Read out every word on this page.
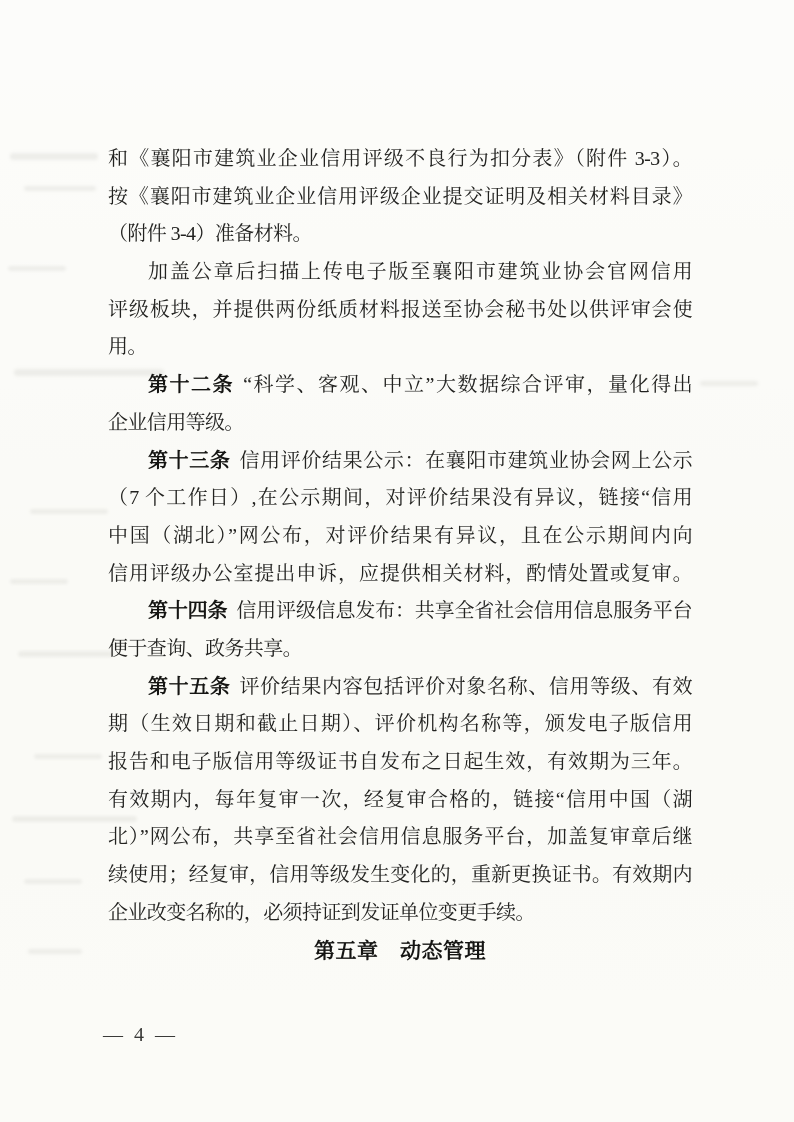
和《襄阳市建筑业企业信用评级不良行为扣分表》（附件 3-3）。
按《襄阳市建筑业企业信用评级企业提交证明及相关材料目录》
（附件 3-4）准备材料。
加盖公章后扫描上传电子版至襄阳市建筑业协会官网信用
评级板块，并提供两份纸质材料报送至协会秘书处以供评审会使
用。
第十二条 “科学、客观、中立”大数据综合评审，量化得出
企业信用等级。
第十三条 信用评价结果公示：在襄阳市建筑业协会网上公示
（7 个工作日）,在公示期间，对评价结果没有异议，链接“信用
中国（湖北）”网公布，对评价结果有异议，且在公示期间内向
信用评级办公室提出申诉，应提供相关材料，酌情处置或复审。
第十四条 信用评级信息发布：共享全省社会信用信息服务平台
便于查询、政务共享。
第十五条 评价结果内容包括评价对象名称、信用等级、有效
期（生效日期和截止日期）、评价机构名称等，颁发电子版信用
报告和电子版信用等级证书自发布之日起生效，有效期为三年。
有效期内，每年复审一次，经复审合格的，链接“信用中国（湖
北）”网公布，共享至省社会信用信息服务平台，加盖复审章后继
续使用；经复审，信用等级发生变化的，重新更换证书。有效期内
企业改变名称的，必须持证到发证单位变更手续。
第五章　动态管理
— 4 —
